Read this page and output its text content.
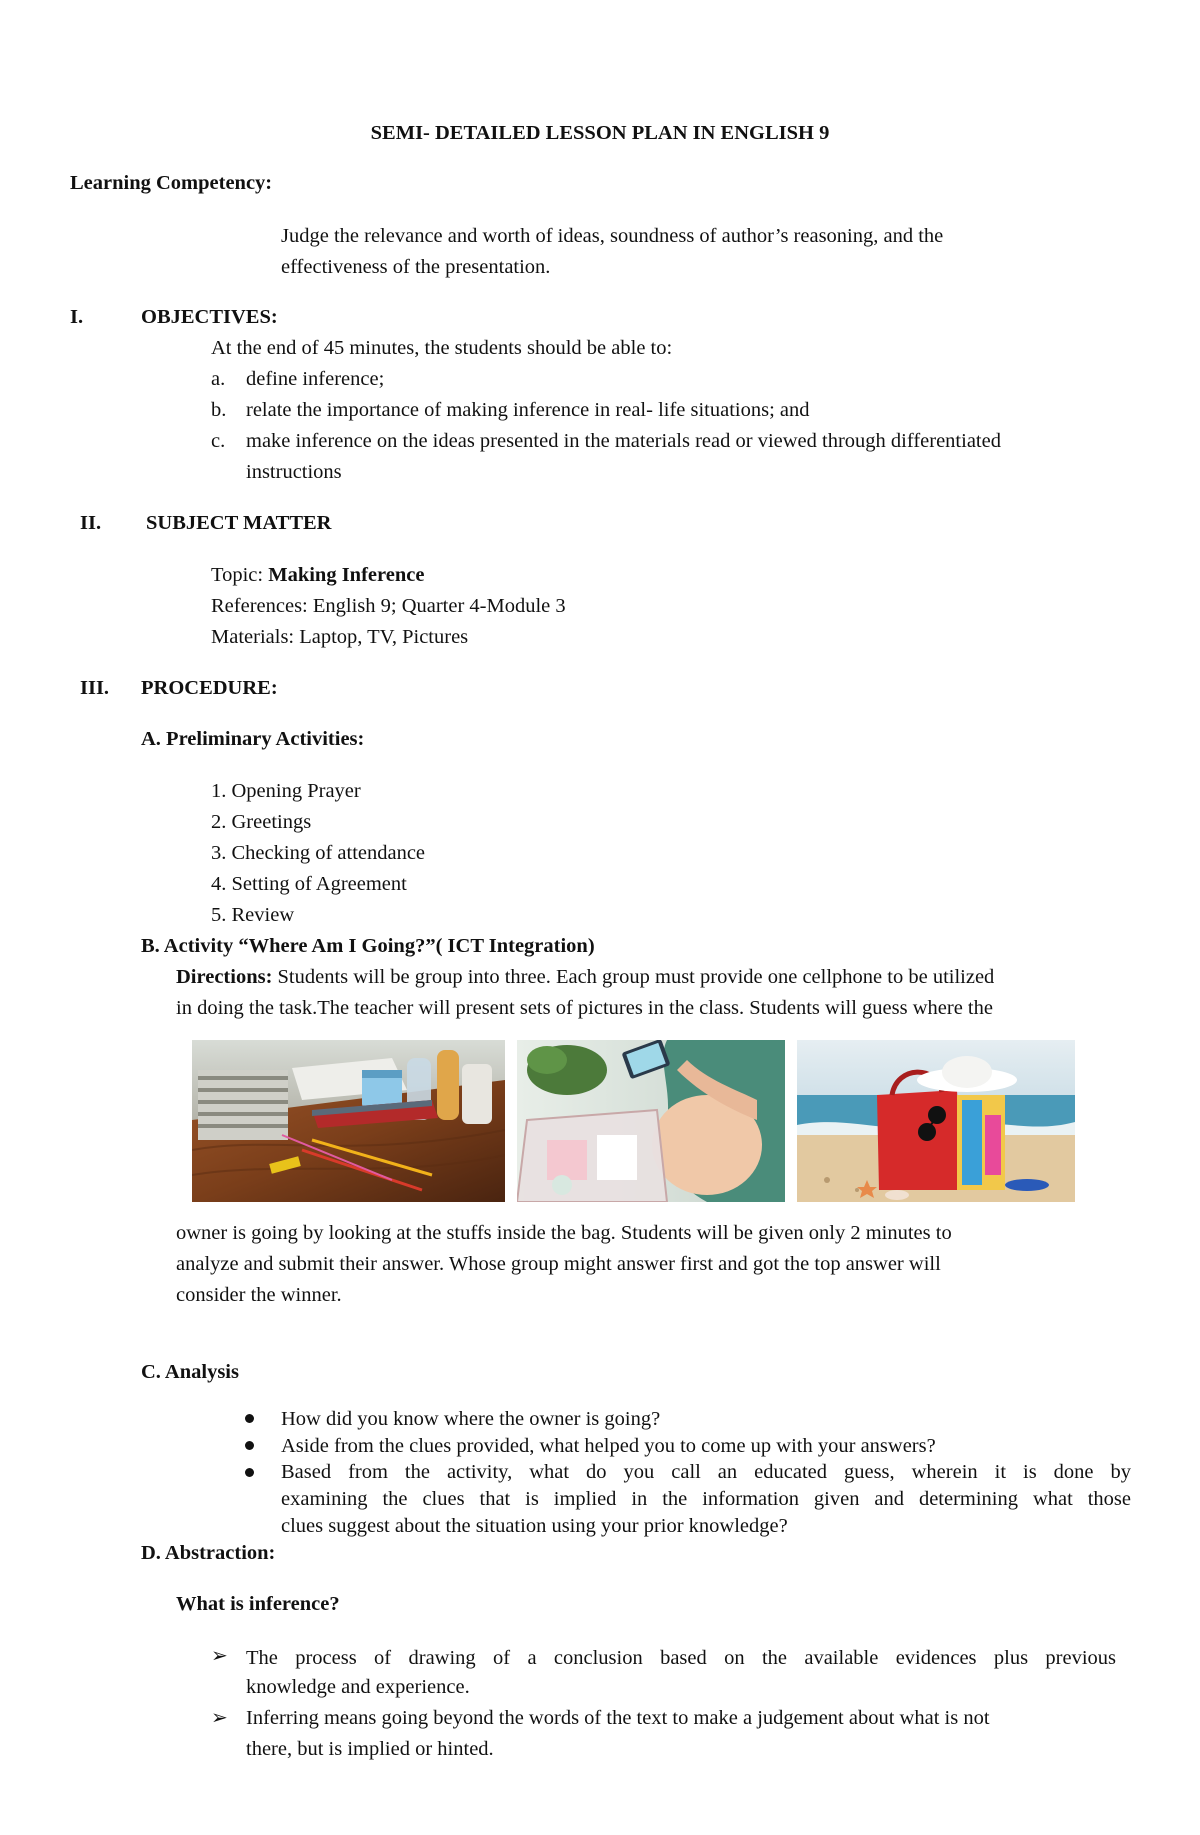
SEMI- DETAILED LESSON PLAN IN ENGLISH 9
Learning Competency:
Judge the relevance and worth of ideas, soundness of author’s reasoning, and the
effectiveness of the presentation.
I.	OBJECTIVES:
At the end of 45 minutes, the students should be able to:
a. define inference;
b. relate the importance of making inference in real- life situations; and
c. make inference on the ideas presented in the materials read or viewed through differentiated
instructions
II. SUBJECT MATTER
Topic: Making Inference
References: English 9; Quarter 4-Module 3
Materials: Laptop, TV, Pictures
III. PROCEDURE:
A. Preliminary Activities:
1. Opening Prayer
2. Greetings
3. Checking of attendance
4. Setting of Agreement
5. Review
B. Activity “Where Am I Going?”( ICT Integration)
Directions: Students will be group into three. Each group must provide one cellphone to be utilized
in doing the task.The teacher will present sets of pictures in the class. Students will guess where the
owner is going by looking at the stuffs inside the bag. Students will be given only 2 minutes to
analyze and submit their answer. Whose group might answer first and got the top answer will
consider the winner.
C. Analysis
How did you know where the owner is going?
Aside from the clues provided, what helped you to come up with your answers?
Based from the activity, what do you call an educated guess, wherein it is done by
examining the clues that is implied in the information given and determining what those
clues suggest about the situation using your prior knowledge?
D. Abstraction:
What is inference?
➢ The process of drawing of a conclusion based on the available evidences plus previous
knowledge and experience.
➢ Inferring means going beyond the words of the text to make a judgement about what is not
there, but is implied or hinted.
